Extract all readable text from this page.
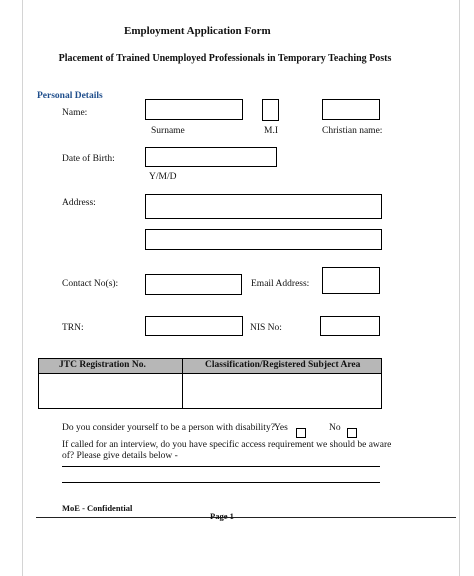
Employment Application Form
Placement of Trained Unemployed Professionals in Temporary Teaching Posts
Personal Details
Name:
Surname	M.I	Christian name:
Date of Birth:
Y/M/D
Address:
Contact No(s):	Email Address:
TRN:	NIS No:
JTC Registration No.	Classification/Registered Subject Area
Do you consider yourself to be a person with disability? Yes	No
If called for an interview, do you have specific access requirement we should be aware of? Please give details below -
MoE - Confidential
Page 1
